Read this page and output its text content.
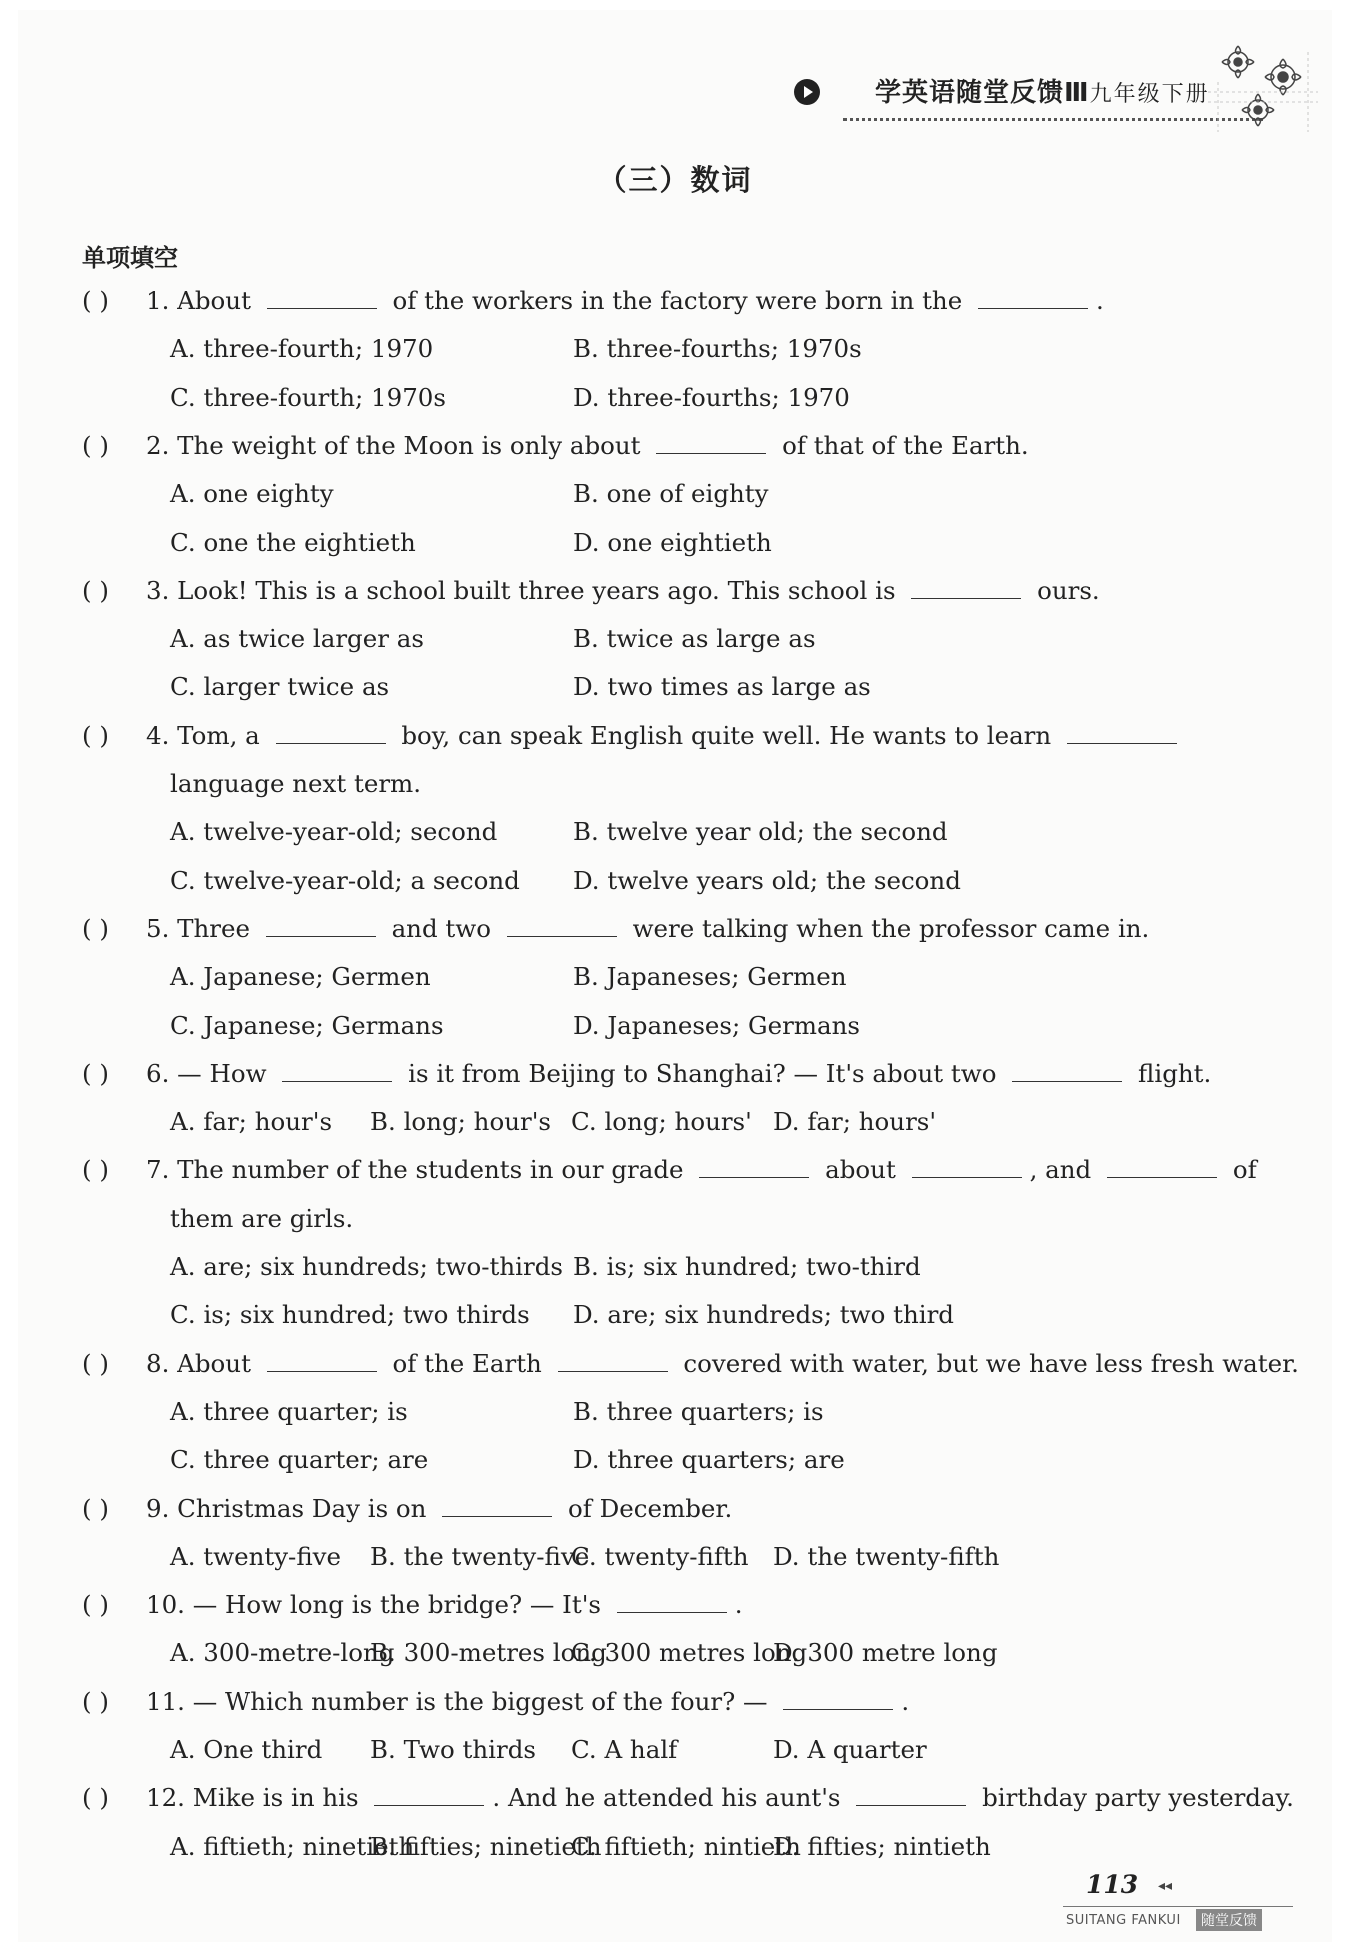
学英语随堂反馈Ⅲ九年级下册
（三）数词
单项填空
( ) 1. About	of the workers in the factory were born in the	.
A. three-fourth; 1970	B. three-fourths; 1970s
C. three-fourth; 1970s	D. three-fourths; 1970
( ) 2. The weight of the Moon is only about	of that of the Earth.
A. one eighty	B. one of eighty
C. one the eightieth	D. one eightieth
( ) 3. Look! This is a school built three years ago. This school is	ours.
A. as twice larger as	B. twice as large as
C. larger twice as	D. two times as large as
( ) 4. Tom, a	boy, can speak English quite well. He wants to learn
language next term.
A. twelve-year-old; second	B. twelve year old; the second
C. twelve-year-old; a second D. twelve years old; the second
( ) 5. Three	and two	were talking when the professor came in.
A. Japanese; Germen	B. Japaneses; Germen
C. Japanese; Germans	D. Japaneses; Germans
( ) 6. — How	is it from Beijing to Shanghai? — It's about two	flight.
A. far; hour's B. long; hour's C. long; hours' D. far; hours'
( ) 7. The number of the students in our grade	about	, and	of
them are girls.
A. are; six hundreds; two-thirds B. is; six hundred; two-third
C. is; six hundred; two thirds D. are; six hundreds; two third
( ) 8. About	of the Earth	covered with water, but we have less fresh water.
A. three quarter; is	B. three quarters; is
C. three quarter; are	D. three quarters; are
( ) 9. Christmas Day is on	of December.
A. twenty-five B. the twenty-five
C. twenty-fifth D. the twenty-fifth
( ) 10. — How long is the bridge? — It's	.
A. 300-metre-long
B. 300-metres long
C. 300 metres long
D. 300 metre long
( ) 11. — Which number is the biggest of the four? —	.
A. One third B. Two thirds C. A half	D. A quarter
( ) 12. Mike is in his	. And he attended his aunt's	birthday party yesterday.
A. fiftieth; ninetieth
B. fifties; ninetieth
C. fiftieth; nintieth
D. fifties; nintieth
113 ◂◂
SUITANG FANKUI	随堂反馈
